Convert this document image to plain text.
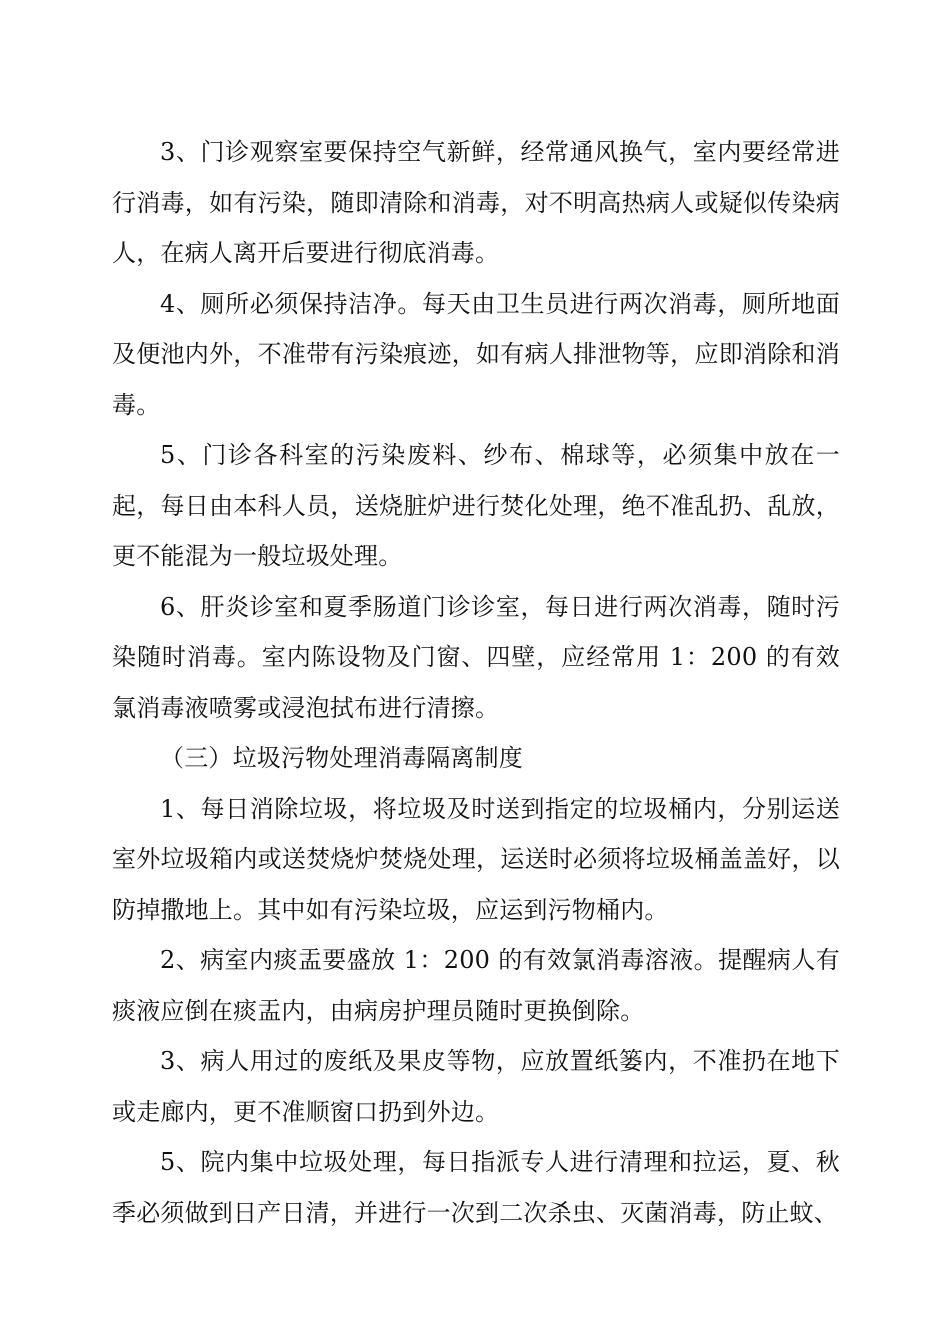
3、门诊观察室要保持空气新鲜，经常通风换气，室内要经常进行消毒，如有污染，随即清除和消毒，对不明高热病人或疑似传染病人，在病人离开后要进行彻底消毒。

4、厕所必须保持洁净。每天由卫生员进行两次消毒，厕所地面及便池内外，不准带有污染痕迹，如有病人排泄物等，应即消除和消毒。

5、门诊各科室的污染废料、纱布、棉球等，必须集中放在一起，每日由本科人员，送烧脏炉进行焚化处理，绝不准乱扔、乱放，更不能混为一般垃圾处理。

6、肝炎诊室和夏季肠道门诊诊室，每日进行两次消毒，随时污染随时消毒。室内陈设物及门窗、四壁，应经常用 1：200 的有效氯消毒液喷雾或浸泡拭布进行清擦。

（三）垃圾污物处理消毒隔离制度

1、每日消除垃圾，将垃圾及时送到指定的垃圾桶内，分别运送室外垃圾箱内或送焚烧炉焚烧处理，运送时必须将垃圾桶盖盖好，以防掉撒地上。其中如有污染垃圾，应运到污物桶内。

2、病室内痰盂要盛放 1：200 的有效氯消毒溶液。提醒病人有痰液应倒在痰盂内，由病房护理员随时更换倒除。

3、病人用过的废纸及果皮等物，应放置纸篓内，不准扔在地下或走廊内，更不准顺窗口扔到外边。

5、院内集中垃圾处理，每日指派专人进行清理和拉运，夏、秋季必须做到日产日清，并进行一次到二次杀虫、灭菌消毒，防止蚊、
